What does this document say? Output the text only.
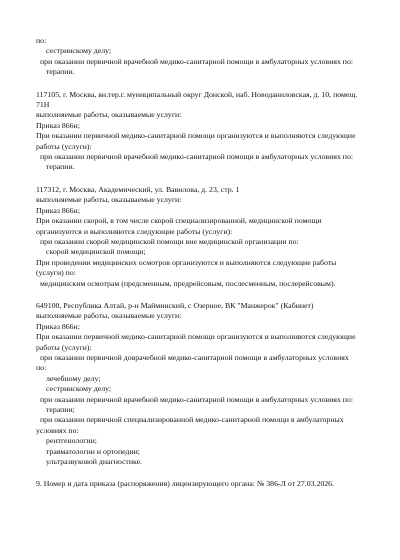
по:
сестринскому делу;
при оказании первичной врачебной медико-санитарной помощи в амбулаторных условиях по:
терапии.
117105, г. Москва, вн.тер.г. муниципальный округ Донской, наб. Новоданиловская, д. 10, помещ.
71Н
выполняемые работы, оказываемые услуги:
Приказ 866н;
При оказании первичной медико-санитарной помощи организуются и выполняются следующие
работы (услуги):
при оказании первичной врачебной медико-санитарной помощи в амбулаторных условиях по:
терапии.
117312, г. Москва, Академический, ул. Вавилова, д. 23, стр. 1
выполняемые работы, оказываемые услуги:
Приказ 866н;
При оказании скорой, в том числе скорой специализированной, медицинской помощи
организуются и выполняются следующие работы (услуги):
при оказании скорой медицинской помощи вне медицинской организации по:
скорой медицинской помощи;
При проведении медицинских осмотров организуются и выполняются следующие работы
(услуги) по:
медицинским осмотрам (предсменным, предрейсовым, послесменным, послерейсовым).
649100, Республика Алтай, р-н Майминский, с Озерное, ВК "Манжерок" (Кабинет)
выполняемые работы, оказываемые услуги:
Приказ 866н;
При оказании первичной медико-санитарной помощи организуются и выполняются следующие
работы (услуги):
при оказании первичной доврачебной медико-санитарной помощи в амбулаторных условиях
по:
лечебному делу;
сестринскому делу;
при оказании первичной врачебной медико-санитарной помощи в амбулаторных условиях по:
терапии;
при оказании первичной специализированной медико-санитарной помощи в амбулаторных
условиях по:
рентгенологии;
травматологии и ортопедии;
ультразвуковой диагностике.
9. Номер и дата приказа (распоряжения) лицензирующего органа: № 386-Л от 27.03.2026.
